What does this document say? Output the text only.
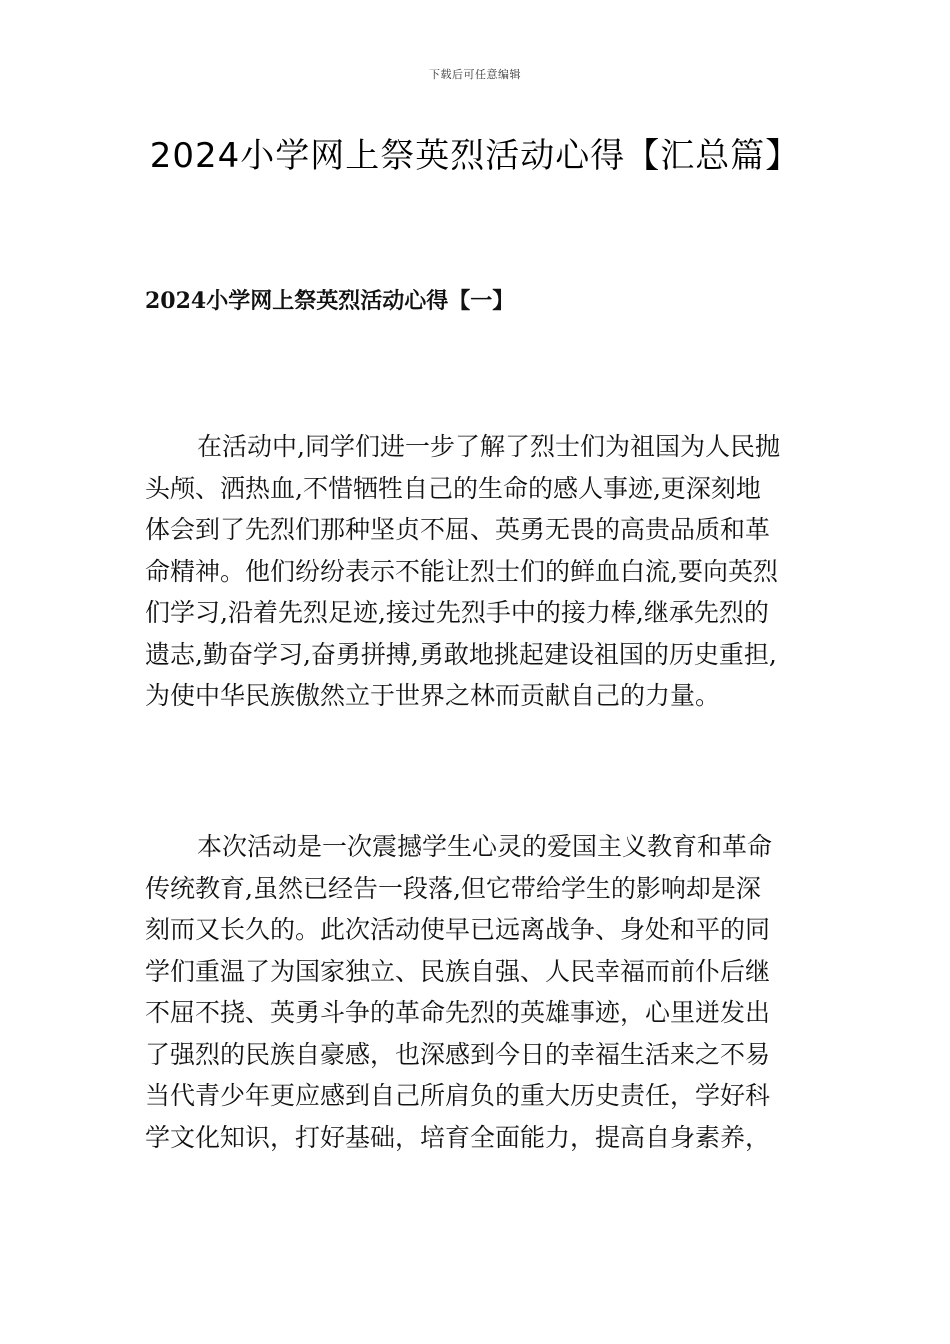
下载后可任意编辑
2024小学网上祭英烈活动心得【汇总篇】
2024小学网上祭英烈活动心得【一】
在活动中,同学们进一步了解了烈士们为祖国为人民抛
头颅、洒热血,不惜牺牲自己的生命的感人事迹,更深刻地
体会到了先烈们那种坚贞不屈、英勇无畏的高贵品质和革
命精神。他们纷纷表示不能让烈士们的鲜血白流,要向英烈
们学习,沿着先烈足迹,接过先烈手中的接力棒,继承先烈的
遗志,勤奋学习,奋勇拼搏,勇敢地挑起建设祖国的历史重担,
为使中华民族傲然立于世界之林而贡献自己的力量。
本次活动是一次震撼学生心灵的爱国主义教育和革命
传统教育,虽然已经告一段落,但它带给学生的影响却是深
刻而又长久的。此次活动使早已远离战争、身处和平的同
学们重温了为国家独立、民族自强、人民幸福而前仆后继
不屈不挠、英勇斗争的革命先烈的英雄事迹，心里迸发出
了强烈的民族自豪感，也深感到今日的幸福生活来之不易
当代青少年更应感到自己所肩负的重大历史责任，学好科
学文化知识，打好基础，培育全面能力，提高自身素养，
